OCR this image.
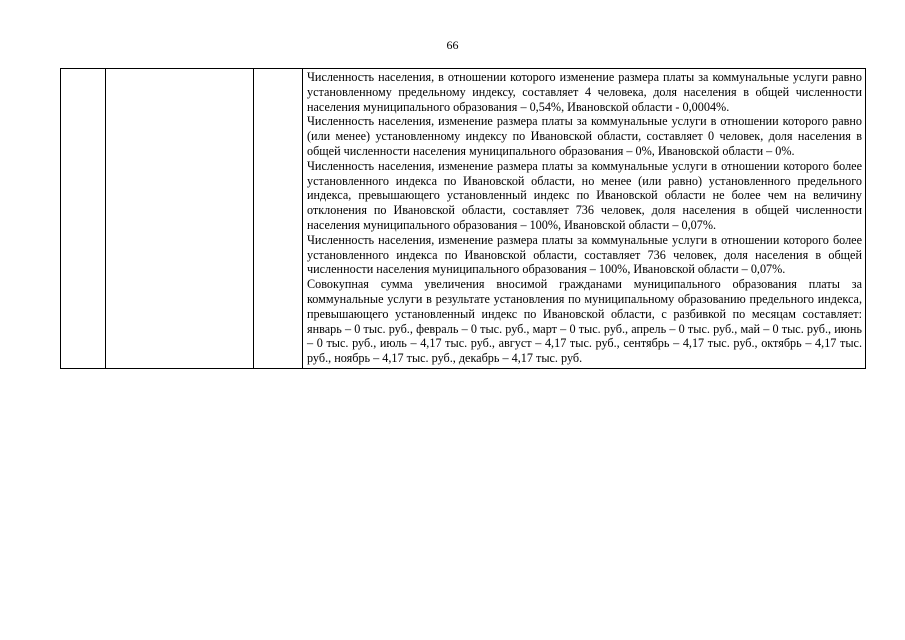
66

Численность населения, в отношении которого изменение размера платы за коммунальные услуги равно установленному предельному индексу, составляет 4 человека, доля населения в общей численности населения муниципального образования – 0,54%, Ивановской области - 0,0004%.

Численность населения, изменение размера платы за коммунальные услуги в отношении которого равно (или менее) установленному индексу по Ивановской области, составляет 0 человек, доля населения в общей численности населения муниципального образования – 0%, Ивановской области – 0%.

Численность населения, изменение размера платы за коммунальные услуги в отношении которого более установленного индекса по Ивановской области, но менее (или равно) установленного предельного индекса, превышающего установленный индекс по Ивановской области не более чем на величину отклонения по Ивановской области, составляет 736 человек, доля населения в общей численности населения муниципального образования – 100%, Ивановской области – 0,07%.

Численность населения, изменение размера платы за коммунальные услуги в отношении которого более установленного индекса по Ивановской области, составляет 736 человек, доля населения в общей численности населения муниципального образования – 100%, Ивановской области – 0,07%.

Совокупная сумма увеличения вносимой гражданами муниципального образования платы за коммунальные услуги в результате установления по муниципальному образованию предельного индекса, превышающего установленный индекс по Ивановской области, с разбивкой по месяцам составляет: январь – 0 тыс. руб., февраль – 0 тыс. руб., март – 0 тыс. руб., апрель – 0 тыс. руб., май – 0 тыс. руб., июнь – 0 тыс. руб., июль – 4,17 тыс. руб., август – 4,17 тыс. руб., сентябрь – 4,17 тыс. руб., октябрь – 4,17 тыс. руб., ноябрь – 4,17 тыс. руб., декабрь – 4,17 тыс. руб.
